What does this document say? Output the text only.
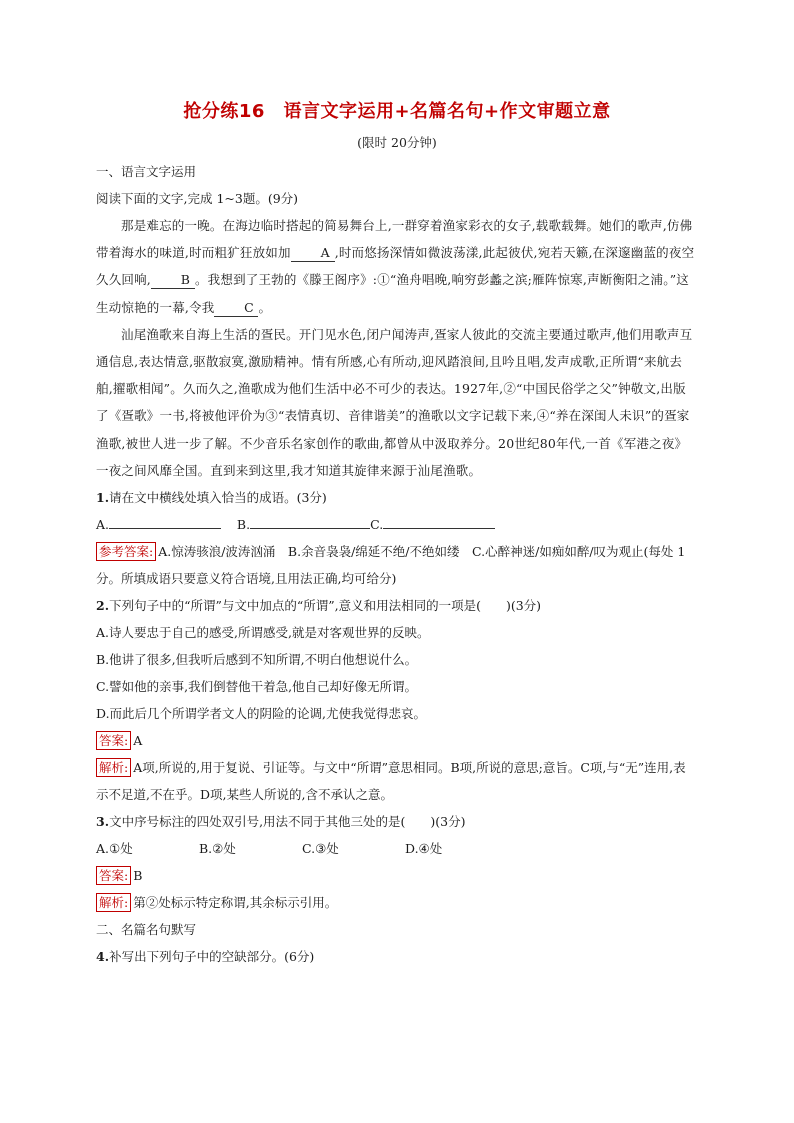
抢分练16　语言文字运用+名篇名句+作文审题立意
(限时 20分钟)

一、语言文字运用

阅读下面的文字,完成 1~3题。(9分)

那是难忘的一晚。在海边临时搭起的简易舞台上,一群穿着渔家彩衣的女子,载歌载舞。她们的歌声,仿佛带着海水的味道,时而粗犷狂放如加 A ,时而悠扬深情如微波荡漾,此起彼伏,宛若天籁,在深邃幽蓝的夜空久久回响, B 。我想到了王勃的《滕王阁序》:①“渔舟唱晚,响穷彭蠡之滨;雁阵惊寒,声断衡阳之浦。”这生动惊艳的一幕,令我 C 。

汕尾渔歌来自海上生活的疍民。开门见水色,闭户闻涛声,疍家人彼此的交流主要通过歌声,他们用歌声互通信息,表达情意,驱散寂寞,激励精神。情有所感,心有所动,迎风踏浪间,且吟且唱,发声成歌,正所谓“来航去舶,擢歌相闻”。久而久之,渔歌成为他们生活中必不可少的表达。1927年,②“中国民俗学之父”钟敬文,出版了《疍歌》一书,将被他评价为③“表情真切、音律谐美”的渔歌以文字记载下来,④“养在深闺人未识”的疍家渔歌,被世人进一步了解。不少音乐名家创作的歌曲,都曾从中汲取养分。20世纪80年代,一首《军港之夜》一夜之间风靡全国。直到来到这里,我才知道其旋律来源于汕尾渔歌。

1.请在文中横线处填入恰当的成语。(3分)

A.	B.	C.

参考答案: A.惊涛骇浪/波涛汹涌　B.余音袅袅/绵延不绝/不绝如缕　C.心醉神迷/如痴如醉/叹为观止(每处 1分。所填成语只要意义符合语境,且用法正确,均可给分)

2.下列句子中的“所谓”与文中加点的“所谓”,意义和用法相同的一项是(　　)(3分)

A.诗人要忠于自己的感受,所谓感受,就是对客观世界的反映。

B.他讲了很多,但我听后感到不知所谓,不明白他想说什么。

C.譬如他的亲事,我们倒替他干着急,他自己却好像无所谓。

D.而此后几个所谓学者文人的阴险的论调,尤使我觉得悲哀。

答案: A

解析: A项,所说的,用于复说、引证等。与文中“所谓”意思相同。B项,所说的意思;意旨。C项,与“无”连用,表示不足道,不在乎。D项,某些人所说的,含不承认之意。

3.文中序号标注的四处双引号,用法不同于其他三处的是(　　)(3分)

A.①处	B.②处	C.③处	D.④处

答案: B

解析: 第②处标示特定称谓,其余标示引用。

二、名篇名句默写

4.补写出下列句子中的空缺部分。(6分)
